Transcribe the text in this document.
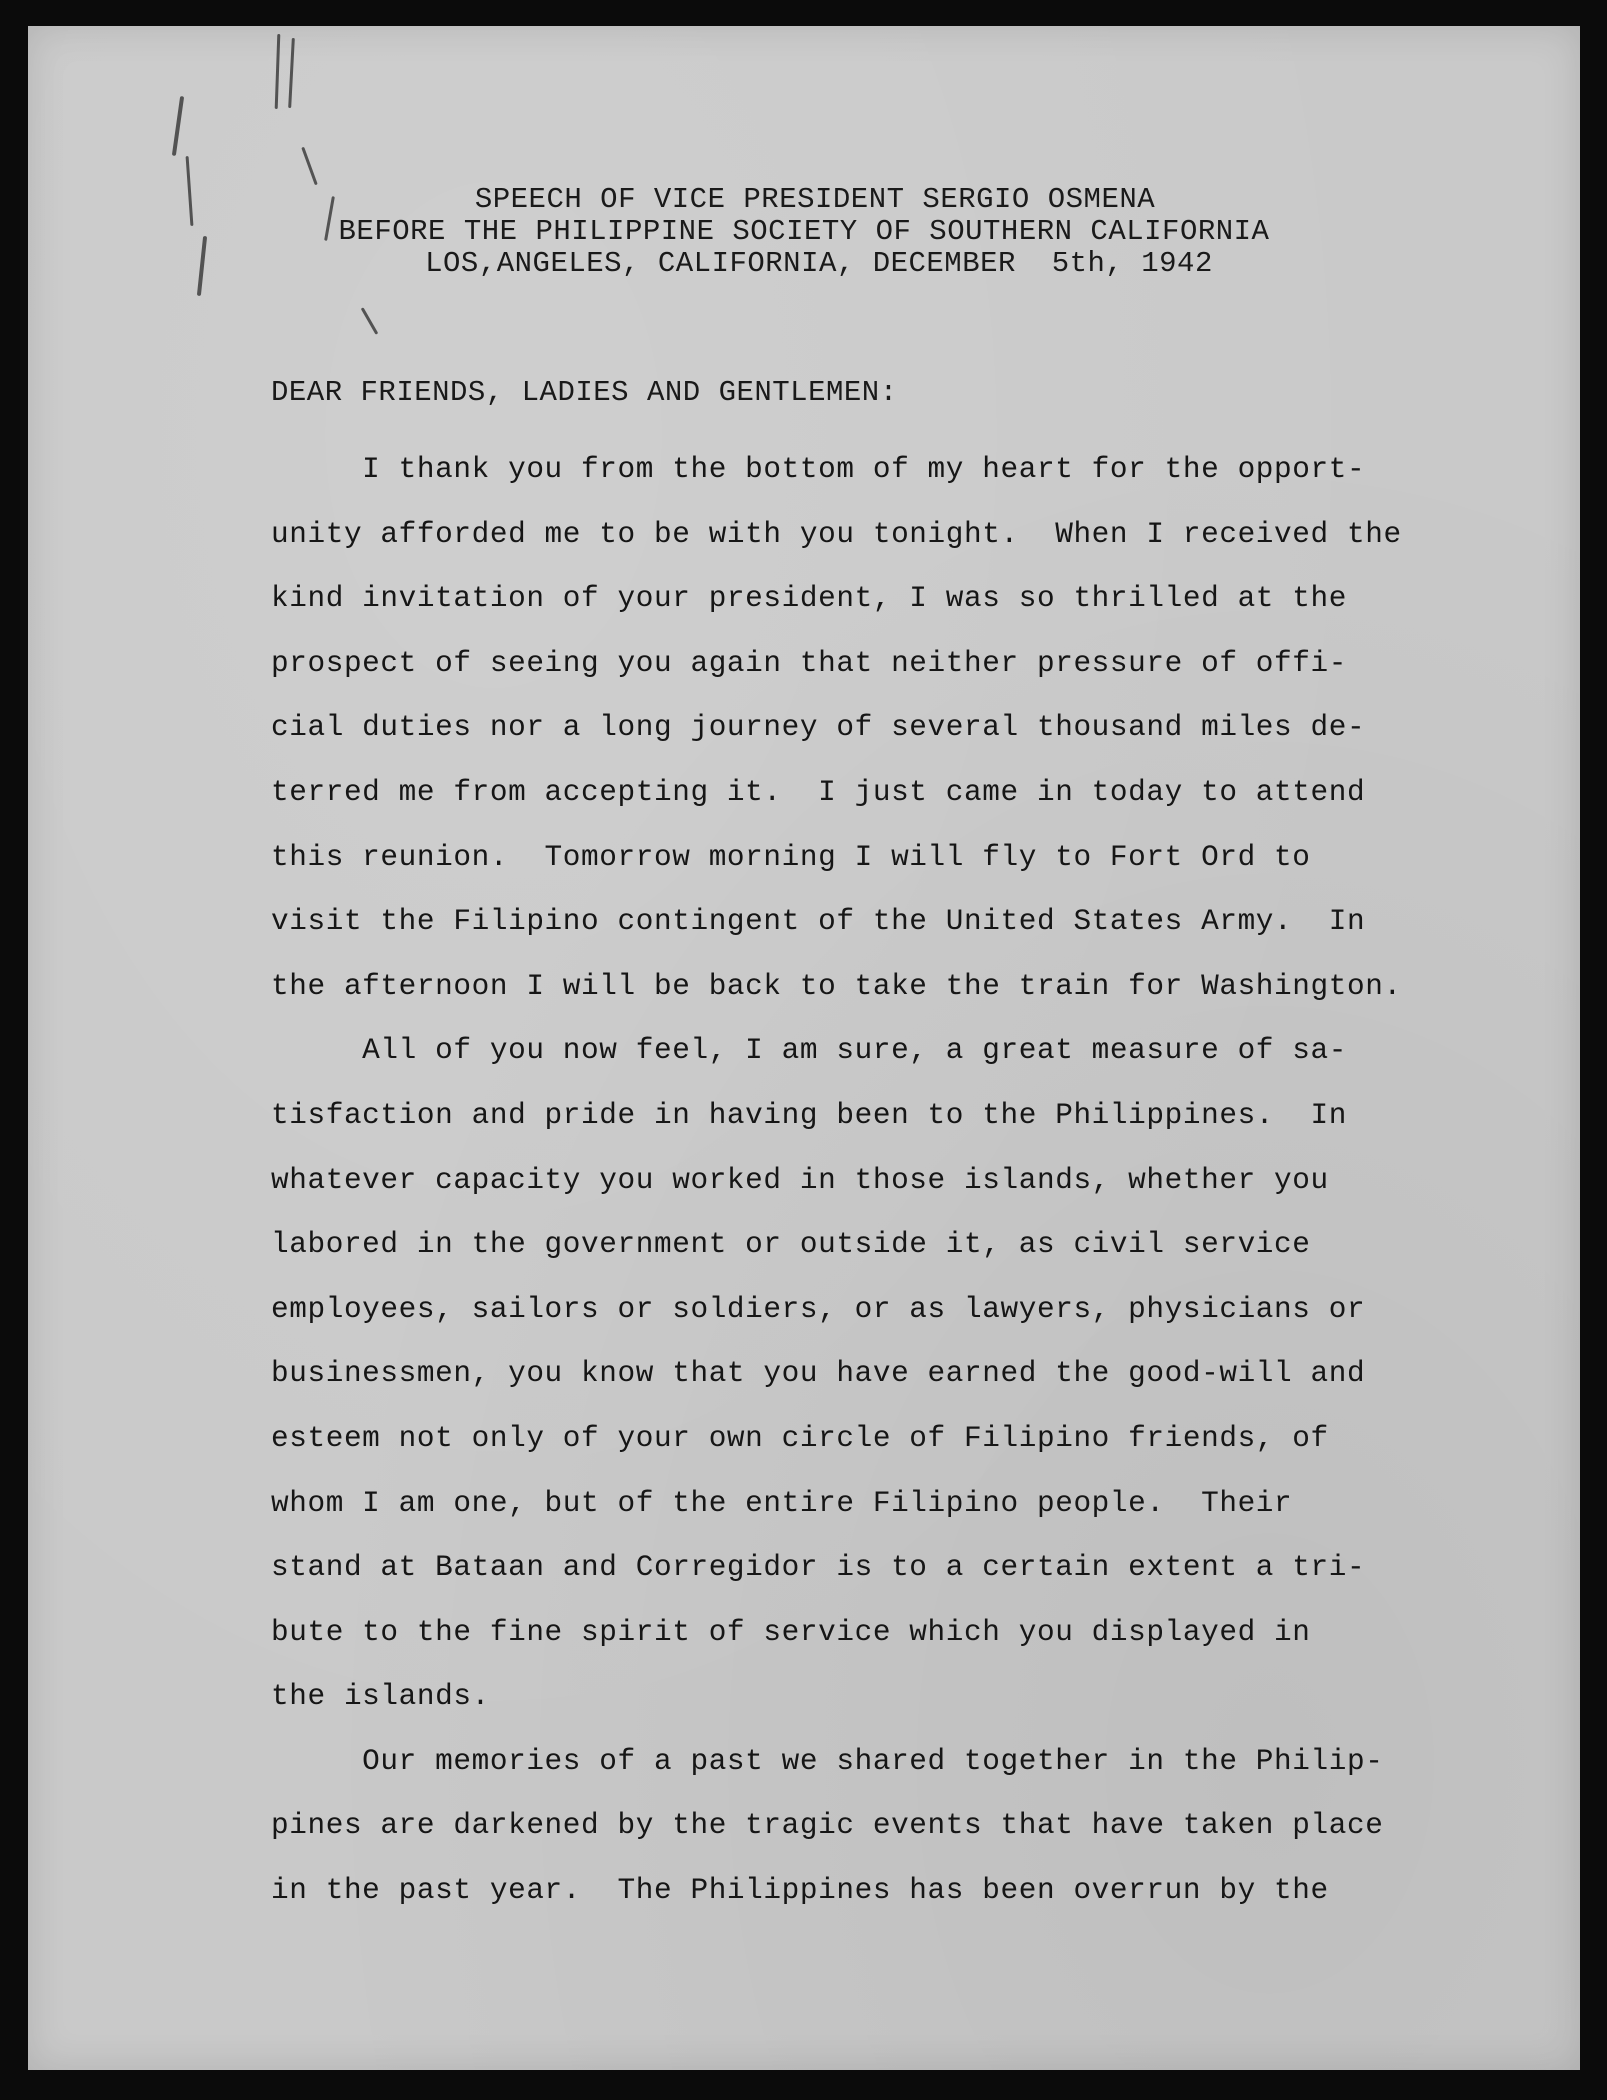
SPEECH OF VICE PRESIDENT SERGIO OSMENA
BEFORE THE PHILIPPINE SOCIETY OF SOUTHERN CALIFORNIA
LOS,ANGELES, CALIFORNIA, DECEMBER  5th, 1942
DEAR FRIENDS, LADIES AND GENTLEMEN:
I thank you from the bottom of my heart for the opport-
unity afforded me to be with you tonight.  When I received the
kind invitation of your president, I was so thrilled at the
prospect of seeing you again that neither pressure of offi-
cial duties nor a long journey of several thousand miles de-
terred me from accepting it.  I just came in today to attend
this reunion.  Tomorrow morning I will fly to Fort Ord to
visit the Filipino contingent of the United States Army.  In
the afternoon I will be back to take the train for Washington.
All of you now feel, I am sure, a great measure of sa-
tisfaction and pride in having been to the Philippines.  In
whatever capacity you worked in those islands, whether you
labored in the government or outside it, as civil service
employees, sailors or soldiers, or as lawyers, physicians or
businessmen, you know that you have earned the good-will and
esteem not only of your own circle of Filipino friends, of
whom I am one, but of the entire Filipino people.  Their
stand at Bataan and Corregidor is to a certain extent a tri-
bute to the fine spirit of service which you displayed in
the islands.
Our memories of a past we shared together in the Philip-
pines are darkened by the tragic events that have taken place
in the past year.  The Philippines has been overrun by the
